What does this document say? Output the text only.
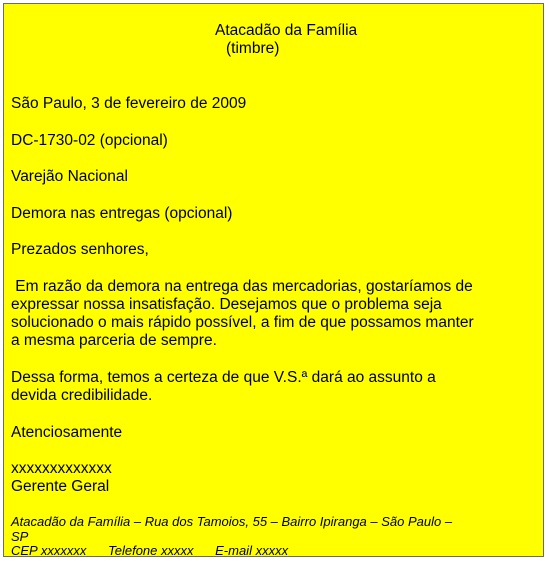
Atacadão da Família
(timbre)
São Paulo, 3 de fevereiro de 2009
DC-1730-02 (opcional)
Varejão Nacional
Demora nas entregas (opcional)
Prezados senhores,
Em razão da demora na entrega das mercadorias, gostaríamos de
expressar nossa insatisfação. Desejamos que o problema seja
solucionado o mais rápido possível, a fim de que possamos manter
a mesma parceria de sempre.
Dessa forma, temos a certeza de que V.S.ª dará ao assunto a
devida credibilidade.
Atenciosamente
xxxxxxxxxxxxx
Gerente Geral
Atacadão da Família – Rua dos Tamoios, 55 – Bairro Ipiranga – São Paulo –
SP
CEP xxxxxxx Telefone xxxxx E-mail xxxxx
